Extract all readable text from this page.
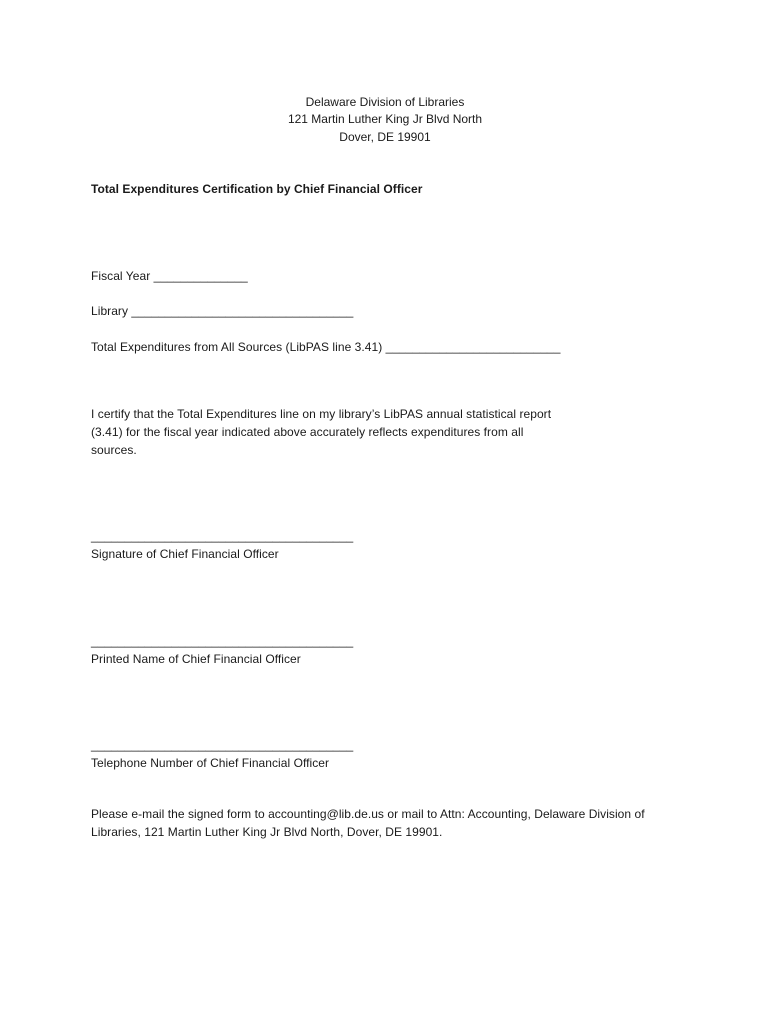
Delaware Division of Libraries
121 Martin Luther King Jr Blvd North
Dover, DE 19901
Total Expenditures Certification by Chief Financial Officer
Fiscal Year ______________
Library _________________________________
Total Expenditures from All Sources (LibPAS line 3.41) __________________________
I certify that the Total Expenditures line on my library’s LibPAS annual statistical report
(3.41) for the fiscal year indicated above accurately reflects expenditures from all
sources.
_______________________________________
Signature of Chief Financial Officer
_______________________________________
Printed Name of Chief Financial Officer
_______________________________________
Telephone Number of Chief Financial Officer
Please e-mail the signed form to accounting@lib.de.us or mail to Attn: Accounting, Delaware Division of
Libraries, 121 Martin Luther King Jr Blvd North, Dover, DE 19901.
